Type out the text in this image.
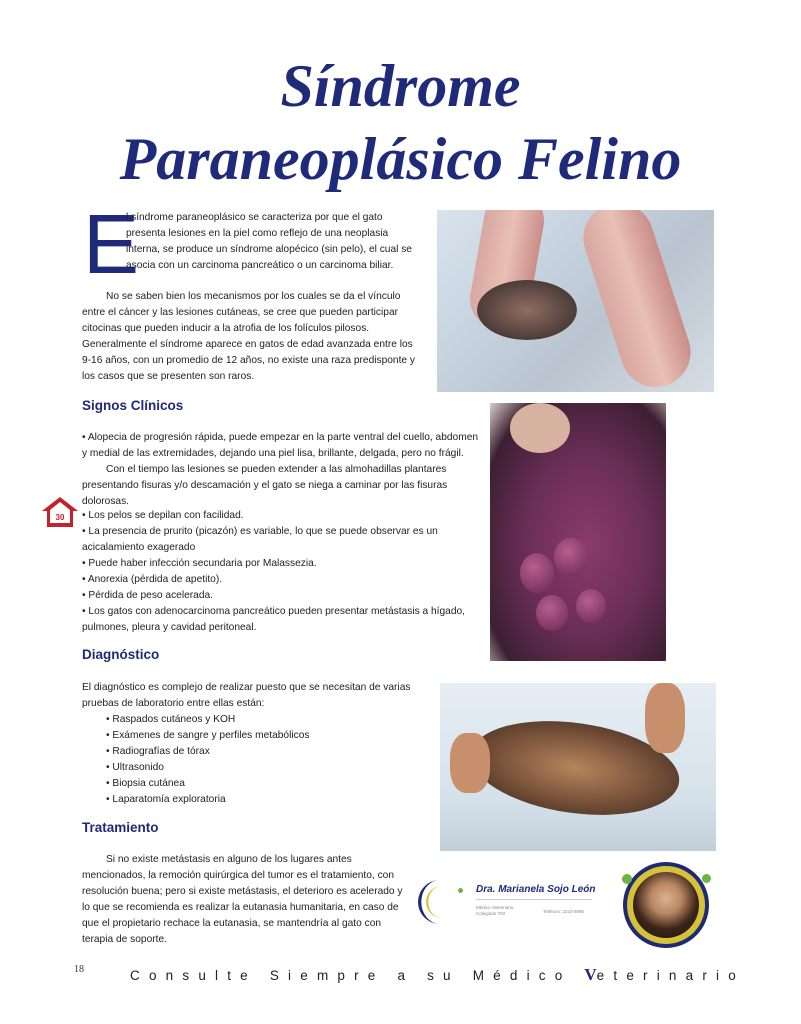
Síndrome
Paraneoplásico Felino
E

l síndrome paraneoplásico se caracteriza por que el gato presenta lesiones en la piel como reflejo de una neoplasia interna, se produce un síndrome alopécico (sin pelo), el cual se asocia con un carcinoma pancreático o un carcinoma biliar.

No se saben bien los mecanismos por los cuales se da el vínculo entre el cáncer y las lesiones cutáneas, se cree que pueden participar citocinas que pueden inducir a la atrofia de los folículos pilosos. Generalmente el síndrome aparece en gatos de edad avanzada entre los 9-16 años, con un promedio de 12 años, no existe una raza predisponte y los casos que se presenten son raros.

Signos Clínicos

• Alopecia de progresión rápida, puede empezar en la parte ventral del cuello, abdomen y medial de las extremidades, dejando una piel lisa, brillante, delgada, pero no frágil.

Con el tiempo las lesiones se pueden extender a las almohadillas plantares presentando fisuras y/o descamación y el gato se niega a caminar por las fisuras dolorosas.

30 • Los pelos se depilan con facilidad.

• La presencia de prurito (picazón) es variable, lo que se puede observar es un acicalamiento exagerado

• Puede haber infección secundaria por Malassezia.

• Anorexia (pérdida de apetito).

• Pérdida de peso acelerada.

• Los gatos con adenocarcinoma pancreático pueden presentar metástasis a hígado, pulmones, pleura y cavidad peritoneal.

Diagnóstico

El diagnóstico es complejo de realizar puesto que se necesitan de varias pruebas de laboratorio entre ellas están:

• Raspados cutáneos y KOH
• Exámenes de sangre y perfiles metabólicos
• Radiografías de tórax
• Ultrasonido
• Biopsia cutánea
• Laparatomía exploratoria
Tratamiento

Si no existe metástasis en alguno de los lugares antes mencionados, la remoción quirúrgica del tumor es el tratamiento, con resolución buena; pero si existe metástasis, el deterioro es acelerado y lo que se recomienda es realizar la eutanasia humanitaria, en caso de que el propietario rechace la eutanasia, se mantendría al gato con terapia de soporte.

Dra. Marianela Sojo León
Médico Veterinario
Colegiado 703	Teléfono: 2223-5995
18	Consulte Siempre a su Médico Veterinario
